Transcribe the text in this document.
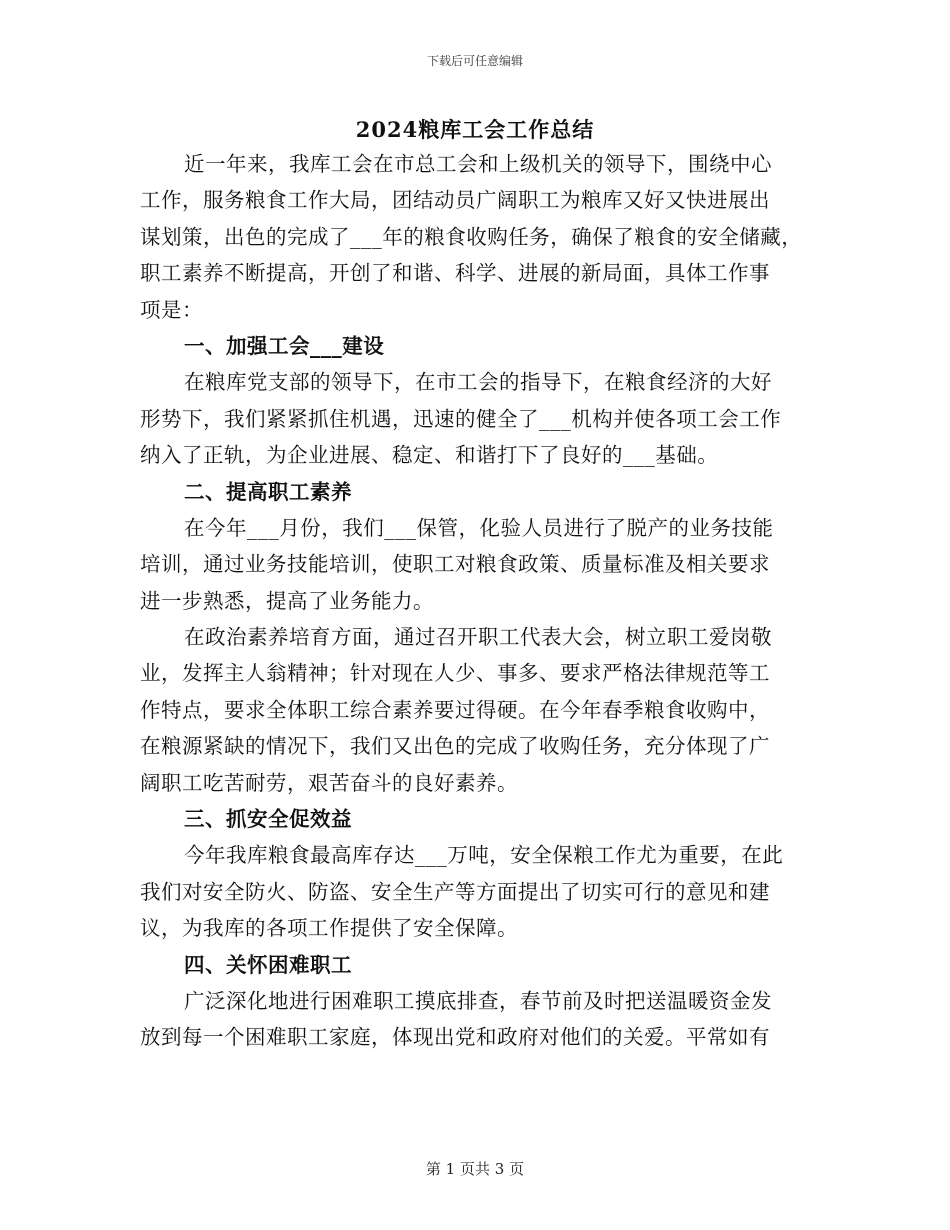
下载后可任意编辑
2024粮库工会工作总结
近一年来，我库工会在市总工会和上级机关的领导下，围绕中心
工作，服务粮食工作大局，团结动员广阔职工为粮库又好又快进展出
谋划策，出色的完成了___年的粮食收购任务，确保了粮食的安全储藏，
职工素养不断提高，开创了和谐、科学、进展的新局面，具体工作事
项是：
一、加强工会___建设
在粮库党支部的领导下，在市工会的指导下，在粮食经济的大好
形势下，我们紧紧抓住机遇，迅速的健全了___机构并使各项工会工作
纳入了正轨，为企业进展、稳定、和谐打下了良好的___基础。
二、提高职工素养
在今年___月份，我们___保管，化验人员进行了脱产的业务技能
培训，通过业务技能培训，使职工对粮食政策、质量标准及相关要求
进一步熟悉，提高了业务能力。
在政治素养培育方面，通过召开职工代表大会，树立职工爱岗敬
业，发挥主人翁精神；针对现在人少、事多、要求严格法律规范等工
作特点，要求全体职工综合素养要过得硬。在今年春季粮食收购中，
在粮源紧缺的情况下，我们又出色的完成了收购任务，充分体现了广
阔职工吃苦耐劳，艰苦奋斗的良好素养。
三、抓安全促效益
今年我库粮食最高库存达___万吨，安全保粮工作尤为重要，在此
我们对安全防火、防盗、安全生产等方面提出了切实可行的意见和建
议，为我库的各项工作提供了安全保障。
四、关怀困难职工
广泛深化地进行困难职工摸底排查，春节前及时把送温暖资金发
放到每一个困难职工家庭，体现出党和政府对他们的关爱。平常如有
第 1 页共 3 页
